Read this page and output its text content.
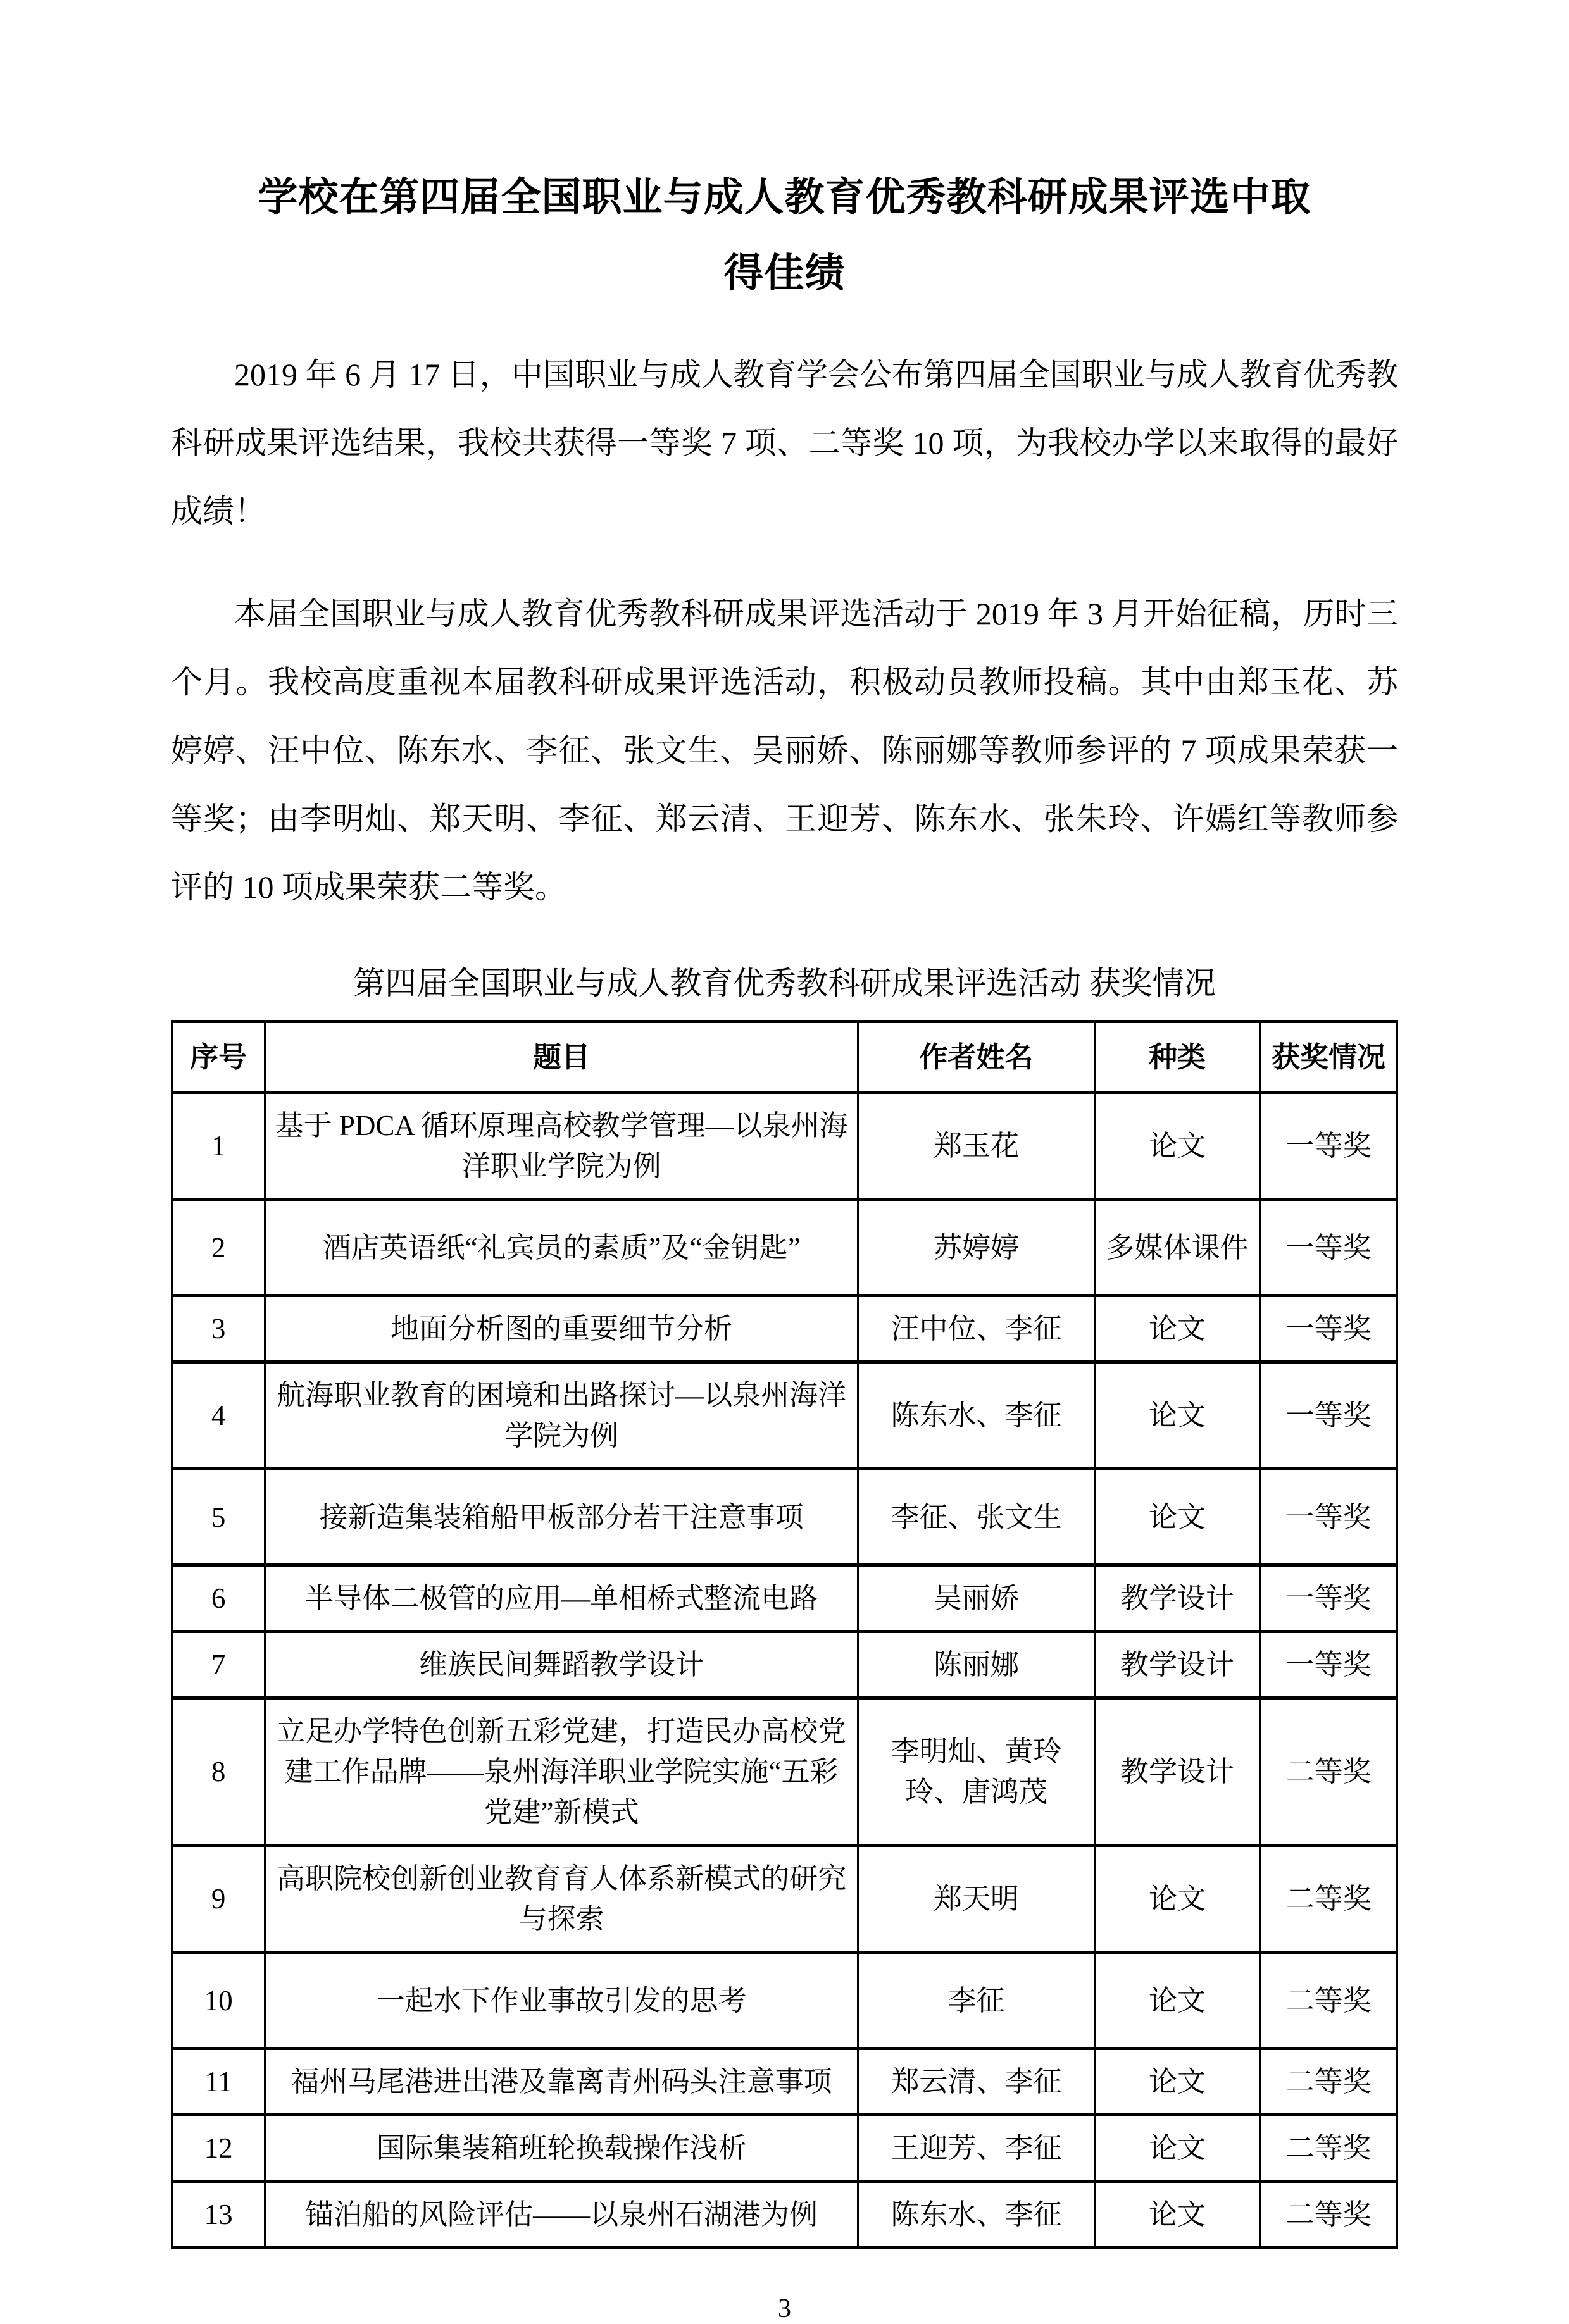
学校在第四届全国职业与成人教育优秀教科研成果评选中取
得佳绩

2019 年 6 月 17 日，中国职业与成人教育学会公布第四届全国职业与成人教育优秀教科研成果评选结果，我校共获得一等奖 7 项、二等奖 10 项，为我校办学以来取得的最好成绩！

本届全国职业与成人教育优秀教科研成果评选活动于 2019 年 3 月开始征稿，历时三个月。我校高度重视本届教科研成果评选活动，积极动员教师投稿。其中由郑玉花、苏婷婷、汪中位、陈东水、李征、张文生、吴丽娇、陈丽娜等教师参评的 7 项成果荣获一等奖；由李明灿、郑天明、李征、郑云清、王迎芳、陈东水、张朱玲、许嫣红等教师参评的 10 项成果荣获二等奖。

第四届全国职业与成人教育优秀教科研成果评选活动 获奖情况
序号	题目	作者姓名	种类	获奖情况
1	基于 PDCA 循环原理高校教学管理—以泉州海洋职业学院为例	郑玉花	论文	一等奖
2	酒店英语纸“礼宾员的素质”及“金钥匙”	苏婷婷	多媒体课件	一等奖
3	地面分析图的重要细节分析	汪中位、李征	论文	一等奖
4	航海职业教育的困境和出路探讨—以泉州海洋学院为例	陈东水、李征	论文	一等奖
5	接新造集装箱船甲板部分若干注意事项	李征、张文生	论文	一等奖
6	半导体二极管的应用—单相桥式整流电路	吴丽娇	教学设计	一等奖
7	维族民间舞蹈教学设计	陈丽娜	教学设计	一等奖
8	立足办学特色创新五彩党建，打造民办高校党建工作品牌——泉州海洋职业学院实施“五彩党建”新模式	李明灿、黄玲玲、唐鸿茂	教学设计	二等奖
9	高职院校创新创业教育育人体系新模式的研究与探索	郑天明	论文	二等奖
10	一起水下作业事故引发的思考	李征	论文	二等奖
11	福州马尾港进出港及靠离青州码头注意事项	郑云清、李征	论文	二等奖
12	国际集装箱班轮换载操作浅析	王迎芳、李征	论文	二等奖
13	锚泊船的风险评估——以泉州石湖港为例	陈东水、李征	论文	二等奖
3
